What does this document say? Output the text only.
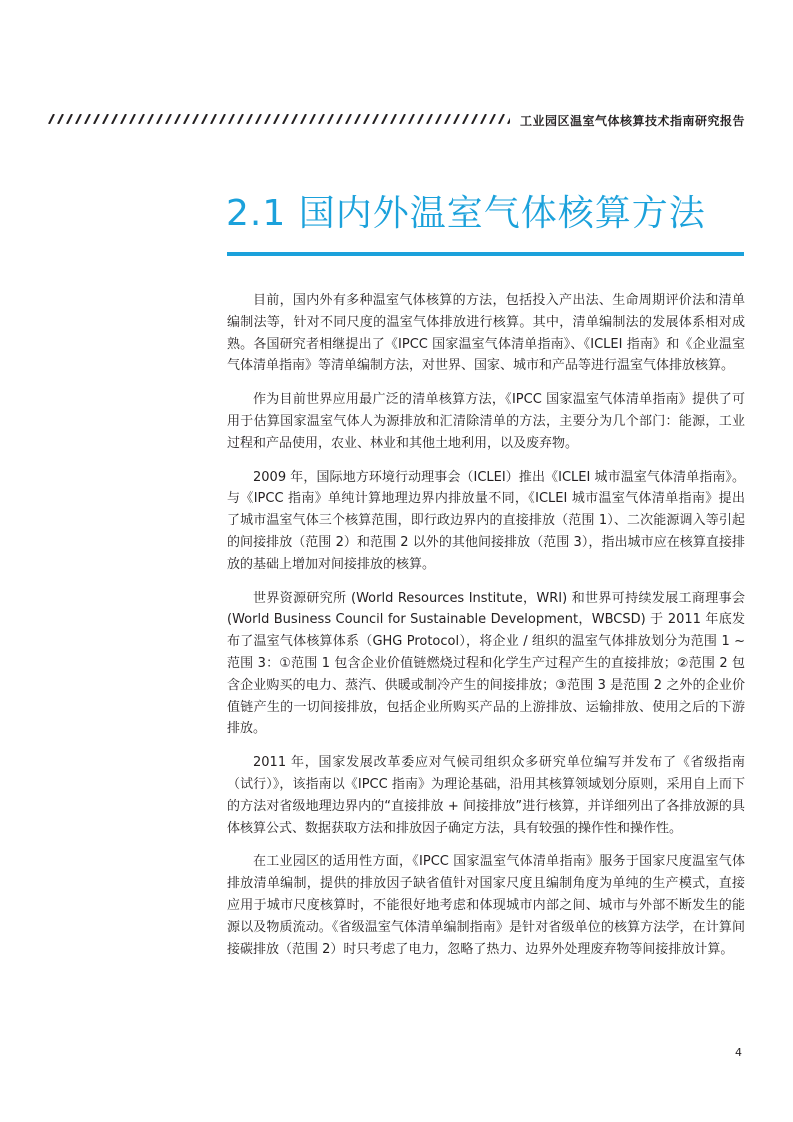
工业园区温室气体核算技术指南研究报告
2.1 国内外温室气体核算方法

目前，国内外有多种温室气体核算的方法，包括投入产出法、生命周期评价法和清单编制法等，针对不同尺度的温室气体排放进行核算。其中，清单编制法的发展体系相对成熟。各国研究者相继提出了《IPCC 国家温室气体清单指南》、《ICLEI 指南》和《企业温室气体清单指南》等清单编制方法，对世界、国家、城市和产品等进行温室气体排放核算。

作为目前世界应用最广泛的清单核算方法，《IPCC 国家温室气体清单指南》提供了可用于估算国家温室气体人为源排放和汇清除清单的方法，主要分为几个部门：能源，工业过程和产品使用，农业、林业和其他土地利用，以及废弃物。

2009 年，国际地方环境行动理事会（ICLEI）推出《ICLEI 城市温室气体清单指南》。与《IPCC 指南》单纯计算地理边界内排放量不同，《ICLEI 城市温室气体清单指南》提出了城市温室气体三个核算范围，即行政边界内的直接排放（范围 1）、二次能源调入等引起的间接排放（范围 2）和范围 2 以外的其他间接排放（范围 3），指出城市应在核算直接排放的基础上增加对间接排放的核算。

世界资源研究所 (World Resources Institute，WRI) 和世界可持续发展工商理事会 (World Business Council for Sustainable Development，WBCSD) 于 2011 年底发布了温室气体核算体系（GHG Protocol），将企业 / 组织的温室气体排放划分为范围 1 ~ 范围 3：①范围 1 包含企业价值链燃烧过程和化学生产过程产生的直接排放；②范围 2 包含企业购买的电力、蒸汽、供暖或制冷产生的间接排放；③范围 3 是范围 2 之外的企业价值链产生的一切间接排放，包括企业所购买产品的上游排放、运输排放、使用之后的下游排放。

2011 年，国家发展改革委应对气候司组织众多研究单位编写并发布了《省级指南（试行）》，该指南以《IPCC 指南》为理论基础，沿用其核算领域划分原则，采用自上而下的方法对省级地理边界内的“直接排放 + 间接排放”进行核算，并详细列出了各排放源的具体核算公式、数据获取方法和排放因子确定方法，具有较强的操作性和操作性。

在工业园区的适用性方面，《IPCC 国家温室气体清单指南》服务于国家尺度温室气体排放清单编制，提供的排放因子缺省值针对国家尺度且编制角度为单纯的生产模式，直接应用于城市尺度核算时，不能很好地考虑和体现城市内部之间、城市与外部不断发生的能源以及物质流动。《省级温室气体清单编制指南》是针对省级单位的核算方法学，在计算间接碳排放（范围 2）时只考虑了电力，忽略了热力、边界外处理废弃物等间接排放计算。

4
